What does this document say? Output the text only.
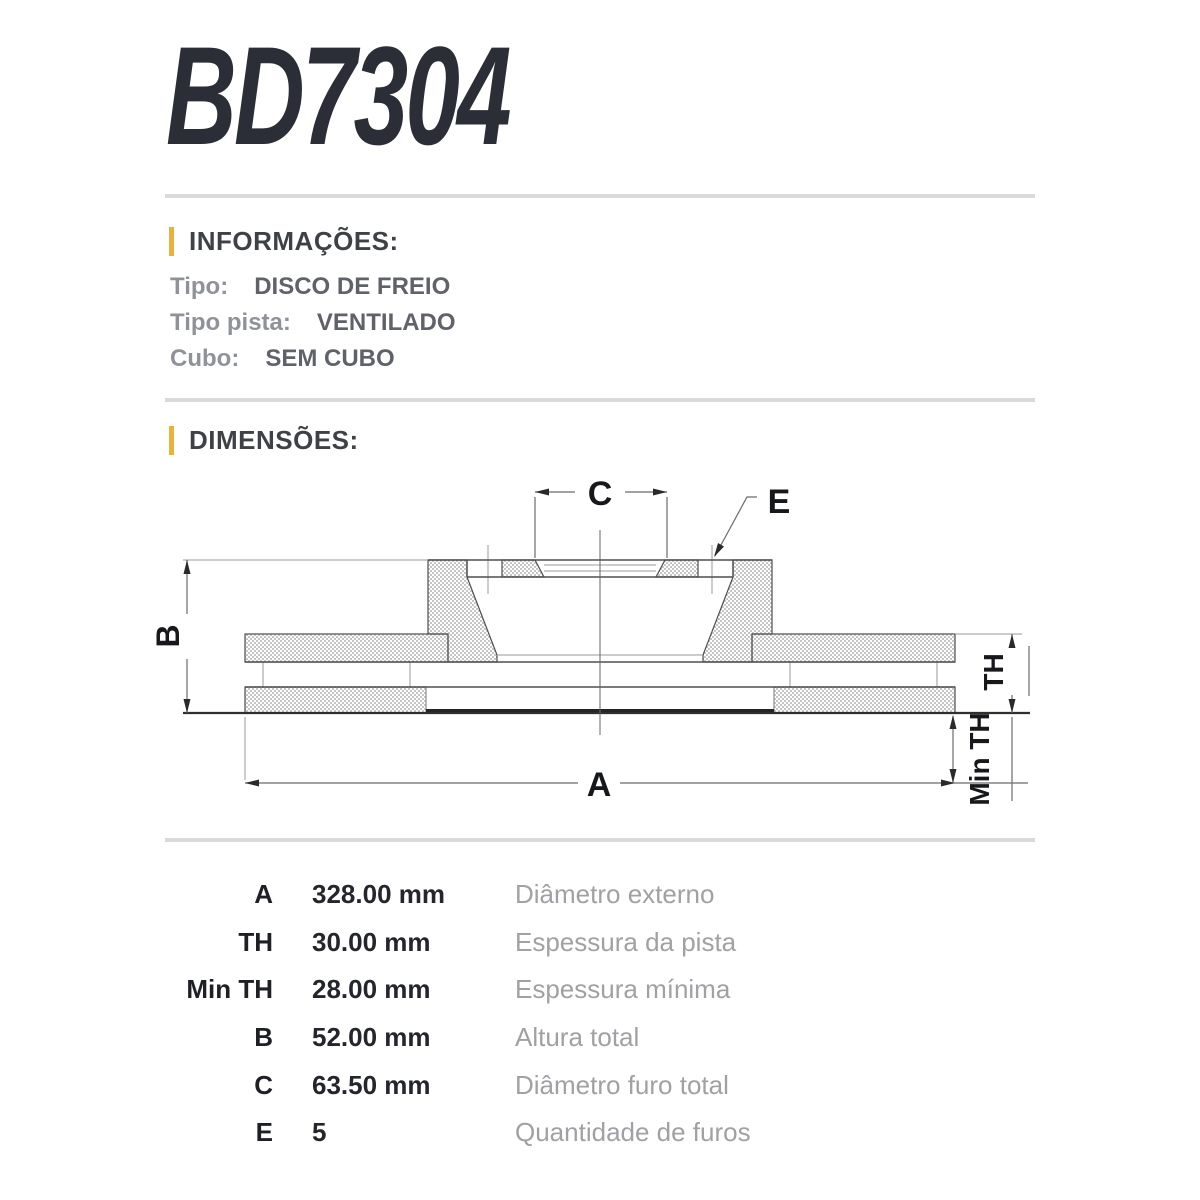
BD7304
INFORMAÇÕES:
Tipo: DISCO DE FREIO
Tipo pista: VENTILADO
Cubo: SEM CUBO
DIMENSÕES:
C	E
A
B
TH
Min TH
A 328.00 mm	Diâmetro externo
TH 30.00 mm	Espessura da pista
Min TH 28.00 mm	Espessura mínima
B 52.00 mm	Altura total
C 63.50 mm	Diâmetro furo total
E 5	Quantidade de furos
